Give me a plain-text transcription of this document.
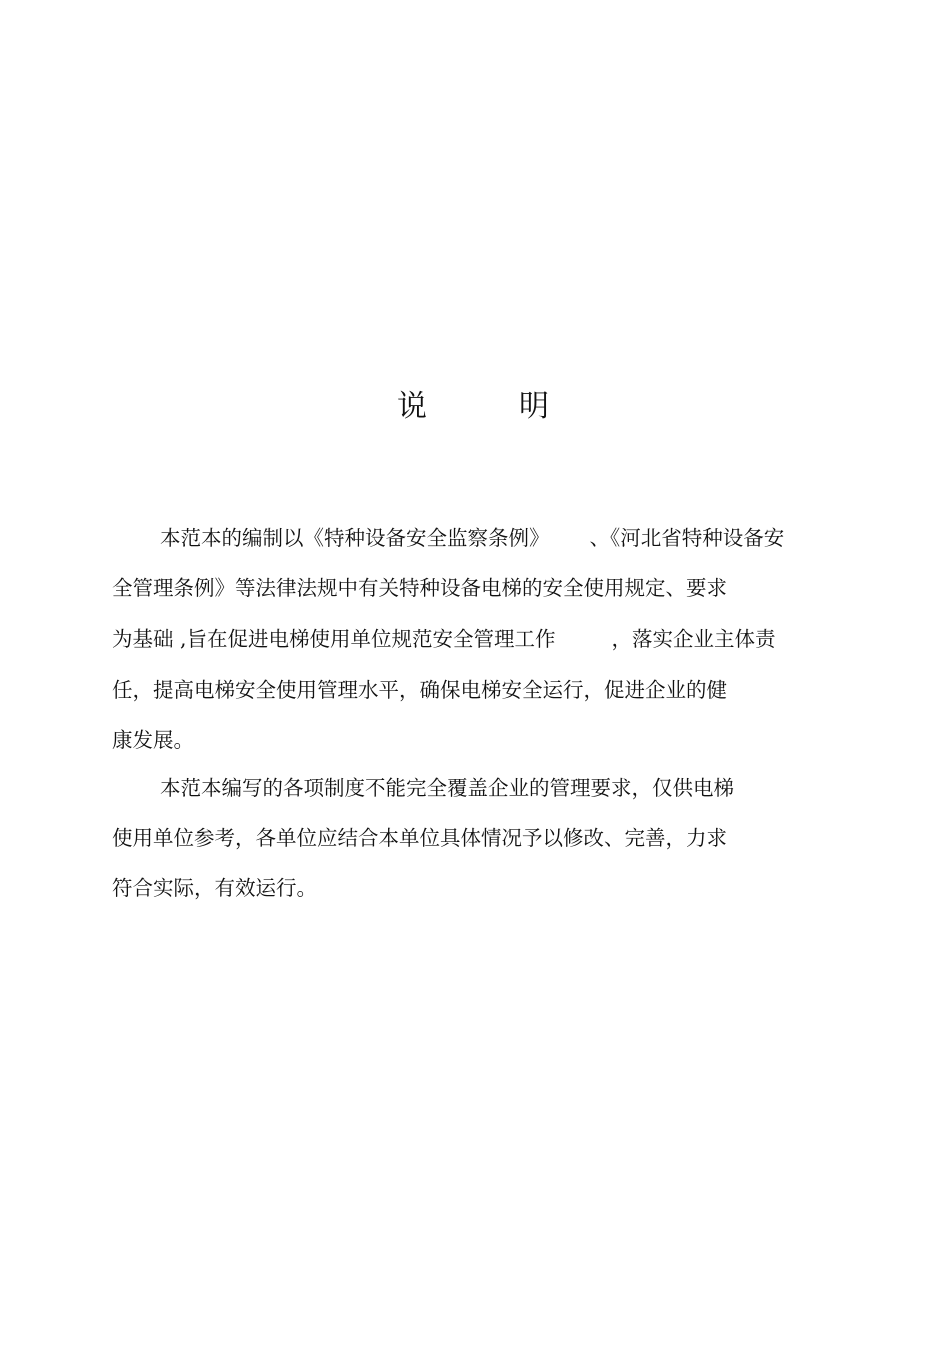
说	明
本范本的编制以《特种设备安全监察条例》 、《河北省特种设备安
全管理条例》等法律法规中有关特种设备电梯的安全使用规定、要求
为基础 ,旨在促进电梯使用单位规范安全管理工作	，落实企业主体责
任，提高电梯安全使用管理水平，确保电梯安全运行，促进企业的健
康发展。
本范本编写的各项制度不能完全覆盖企业的管理要求，仅供电梯
使用单位参考，各单位应结合本单位具体情况予以修改、完善，力求
符合实际，有效运行。
